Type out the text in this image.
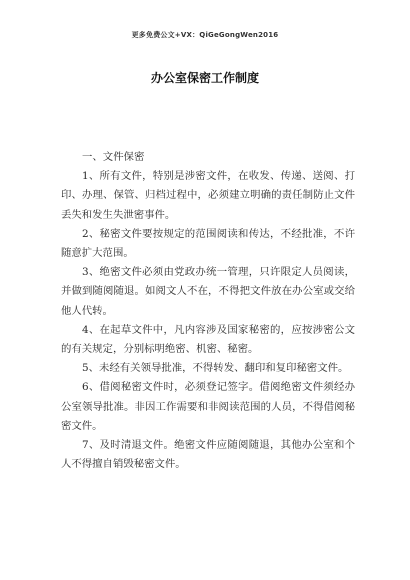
更多免费公文+VX：QiGeGongWen2016
办公室保密工作制度

一、文件保密

1、所有文件，特别是涉密文件，在收发、传递、送阅、打印、办理、保管、归档过程中，必须建立明确的责任制防止文件丢失和发生失泄密事件。

2、秘密文件要按规定的范围阅读和传达，不经批准，不许随意扩大范围。

3、绝密文件必须由党政办统一管理，只许限定人员阅读，并做到随阅随退。如阅文人不在，不得把文件放在办公室或交给他人代转。

4、在起草文件中，凡内容涉及国家秘密的，应按涉密公文的有关规定，分别标明绝密、机密、秘密。

5、未经有关领导批准，不得转发、翻印和复印秘密文件。

6、借阅秘密文件时，必须登记签字。借阅绝密文件须经办公室领导批准。非因工作需要和非阅读范围的人员，不得借阅秘密文件。

7、及时清退文件。绝密文件应随阅随退，其他办公室和个人不得擅自销毁秘密文件。
